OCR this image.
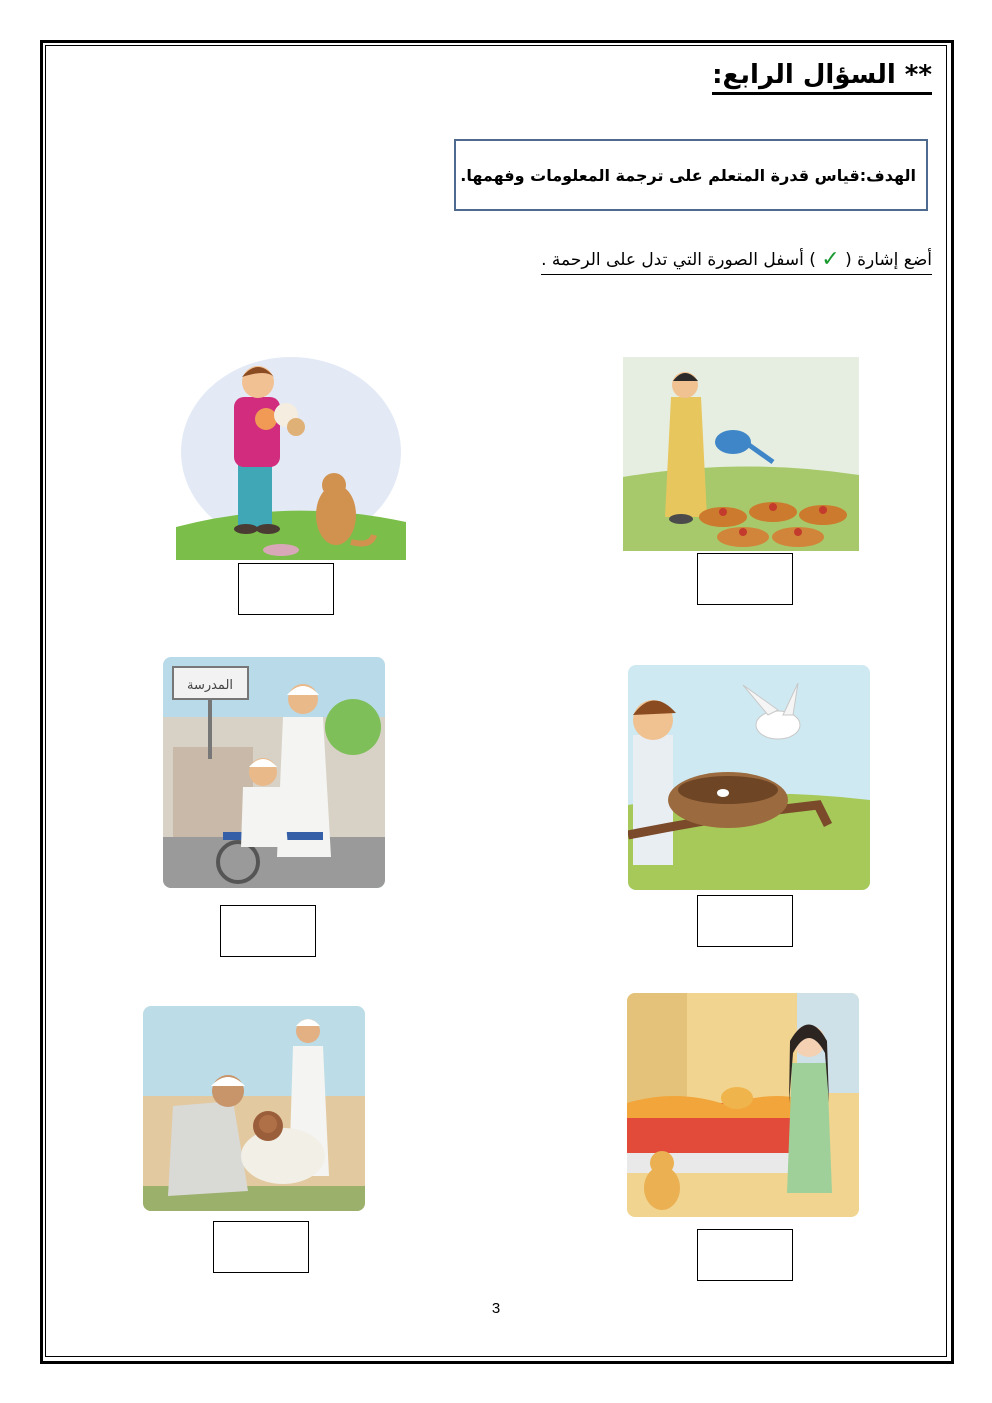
** السؤال الرابع:
الهدف:قياس قدرة المتعلم على ترجمة المعلومات وفهمها.
أضع إشارة ( ✓ ) أسفل الصورة التي تدل على الرحمة .
المدرسة
3
